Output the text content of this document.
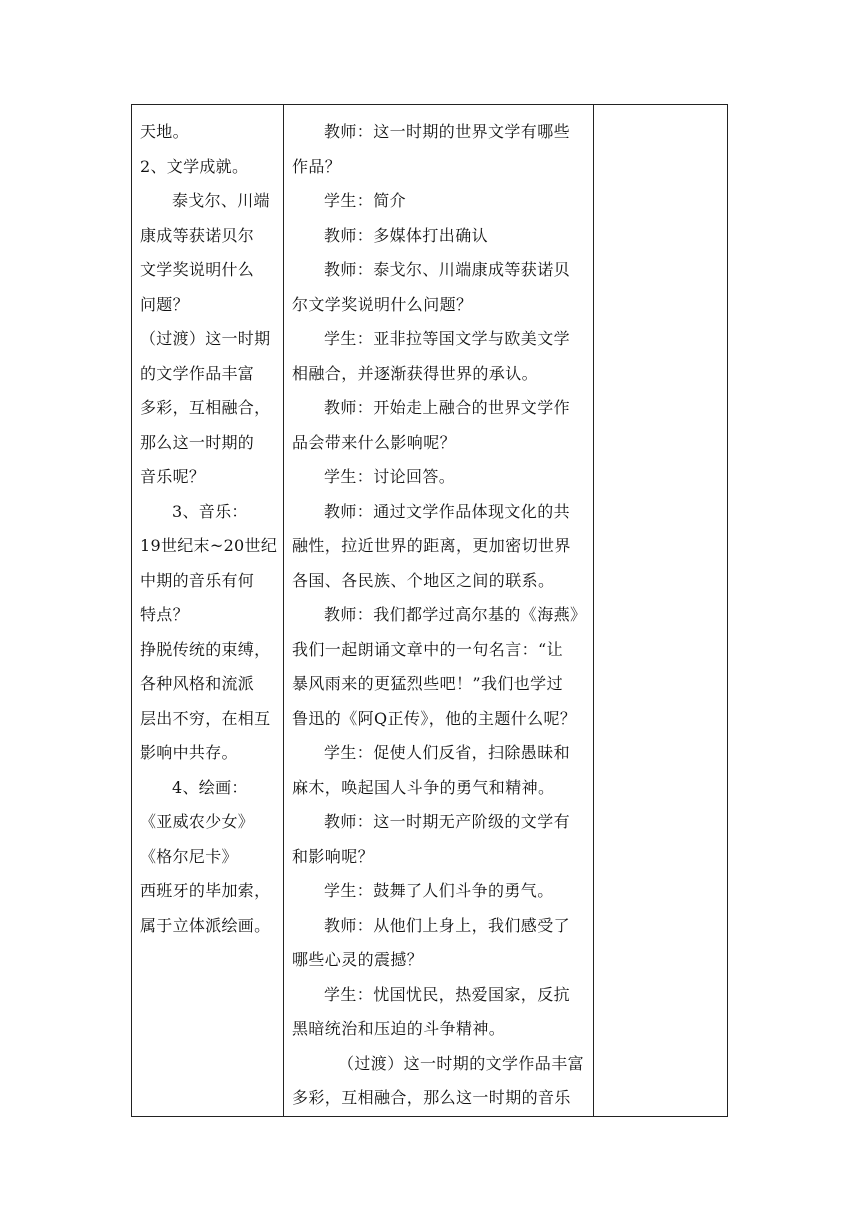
天地。
2、文学成就。
泰戈尔、川端
康成等获诺贝尔
文学奖说明什么
问题？
（过渡）这一时期
的文学作品丰富
多彩，互相融合，
那么这一时期的
音乐呢？
3、音乐：
19世纪末~20世纪
中期的音乐有何
特点？
挣脱传统的束缚，
各种风格和流派
层出不穷，在相互
影响中共存。
4、绘画：
《亚威农少女》
《格尔尼卡》
西班牙的毕加索，
属于立体派绘画。

教师：这一时期的世界文学有哪些
作品？
学生：简介
教师：多媒体打出确认
教师：泰戈尔、川端康成等获诺贝
尔文学奖说明什么问题？
学生：亚非拉等国文学与欧美文学
相融合，并逐渐获得世界的承认。
教师：开始走上融合的世界文学作
品会带来什么影响呢？
学生：讨论回答。
教师：通过文学作品体现文化的共
融性，拉近世界的距离，更加密切世界
各国、各民族、个地区之间的联系。
教师：我们都学过高尔基的《海燕》
我们一起朗诵文章中的一句名言：“让
暴风雨来的更猛烈些吧！”我们也学过
鲁迅的《阿Q正传》，他的主题什么呢？
学生：促使人们反省，扫除愚昧和
麻木，唤起国人斗争的勇气和精神。
教师：这一时期无产阶级的文学有
和影响呢？
学生：鼓舞了人们斗争的勇气。
教师：从他们上身上，我们感受了
哪些心灵的震撼？
学生：忧国忧民，热爱国家，反抗
黑暗统治和压迫的斗争精神。
（过渡）这一时期的文学作品丰富
多彩，互相融合，那么这一时期的音乐
